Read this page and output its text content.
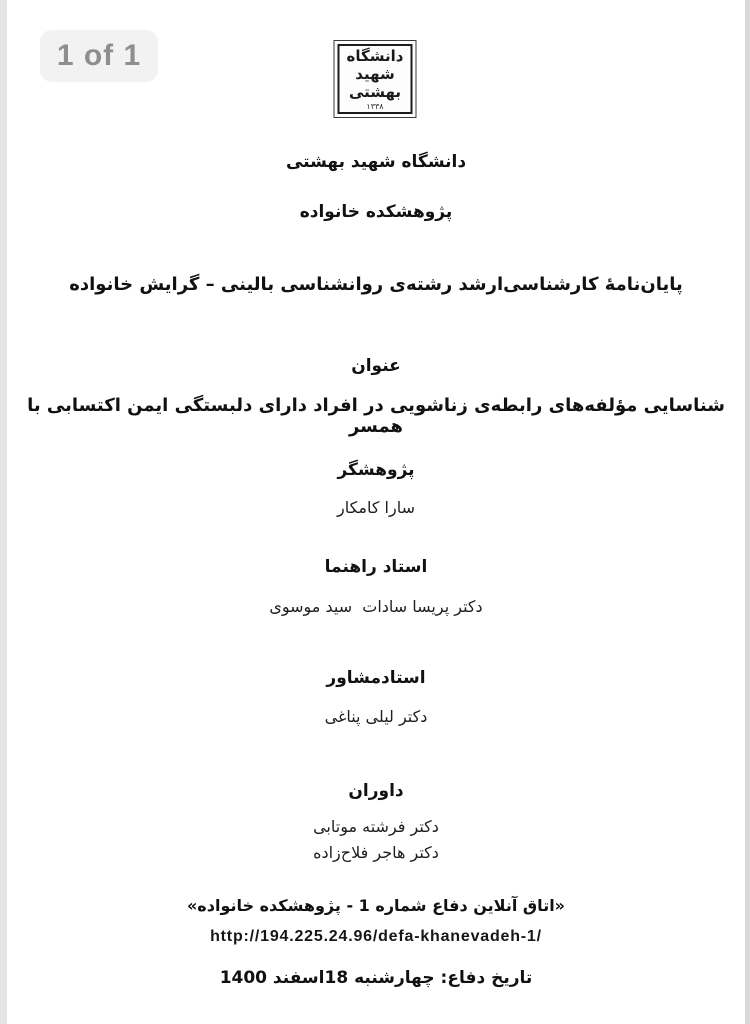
1 of 1	دانشگاه
شهید
بهشتی
۱۳۳۸
دانشگاه شهید بهشتی
پژوهشکده خانواده
پایان‌نامهٔ کارشناسی‌ارشد رشته‌ی روانشناسی بالینی – گرایش خانواده
عنوان
شناسایی مؤلفه‌های رابطه‌ی زناشویی در افراد دارای دلبستگی ایمن اکتسابی با همسر
پژوهشگر
سارا کامکار
استاد راهنما
دکتر پریسا سادات  سید موسوی
استادمشاور
دکتر لیلی پناغی
داوران
دکتر فرشته موتابی
دکتر هاجر فلاح‌زاده
«اتاق آنلاین دفاع شماره 1 - پژوهشکده خانواده»
http://194.225.24.96/defa-khanevadeh-1/
تاریخ دفاع: چهارشنبه 18اسفند 1400
